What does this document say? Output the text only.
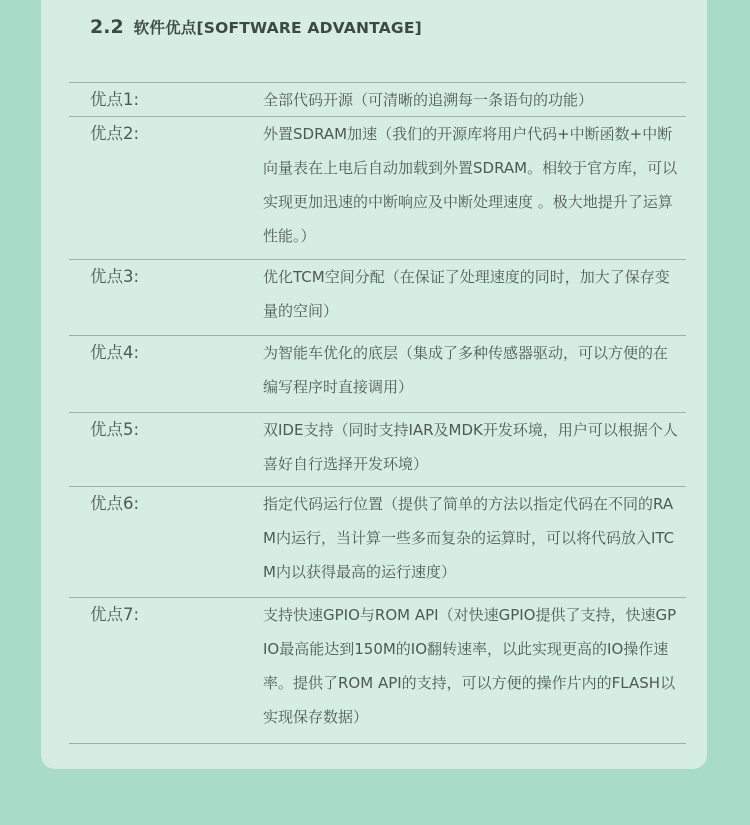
2.2 软件优点[SOFTWARE ADVANTAGE]
优点1:	全部代码开源（可清晰的追溯每一条语句的功能）
优点2:	外置SDRAM加速（我们的开源库将用户代码+中断函数+中断向量表在上电后自动加载到外置SDRAM。相较于官方库，可以实现更加迅速的中断响应及中断处理速度 。极大地提升了运算性能。）
优点3:	优化TCM空间分配（在保证了处理速度的同时，加大了保存变量的空间）
优点4:	为智能车优化的底层（集成了多种传感器驱动，可以方便的在编写程序时直接调用）
优点5:	双IDE支持（同时支持IAR及MDK开发环境，用户可以根据个人喜好自行选择开发环境）
优点6:	指定代码运行位置（提供了简单的方法以指定代码在不同的RAM内运行，当计算一些多而复杂的运算时，可以将代码放入ITCM内以获得最高的运行速度）
优点7:	支持快速GPIO与ROM API（对快速GPIO提供了支持，快速GPIO最高能达到150M的IO翻转速率，以此实现更高的IO操作速率。提供了ROM API的支持，可以方便的操作片内的FLASH以实现保存数据）
